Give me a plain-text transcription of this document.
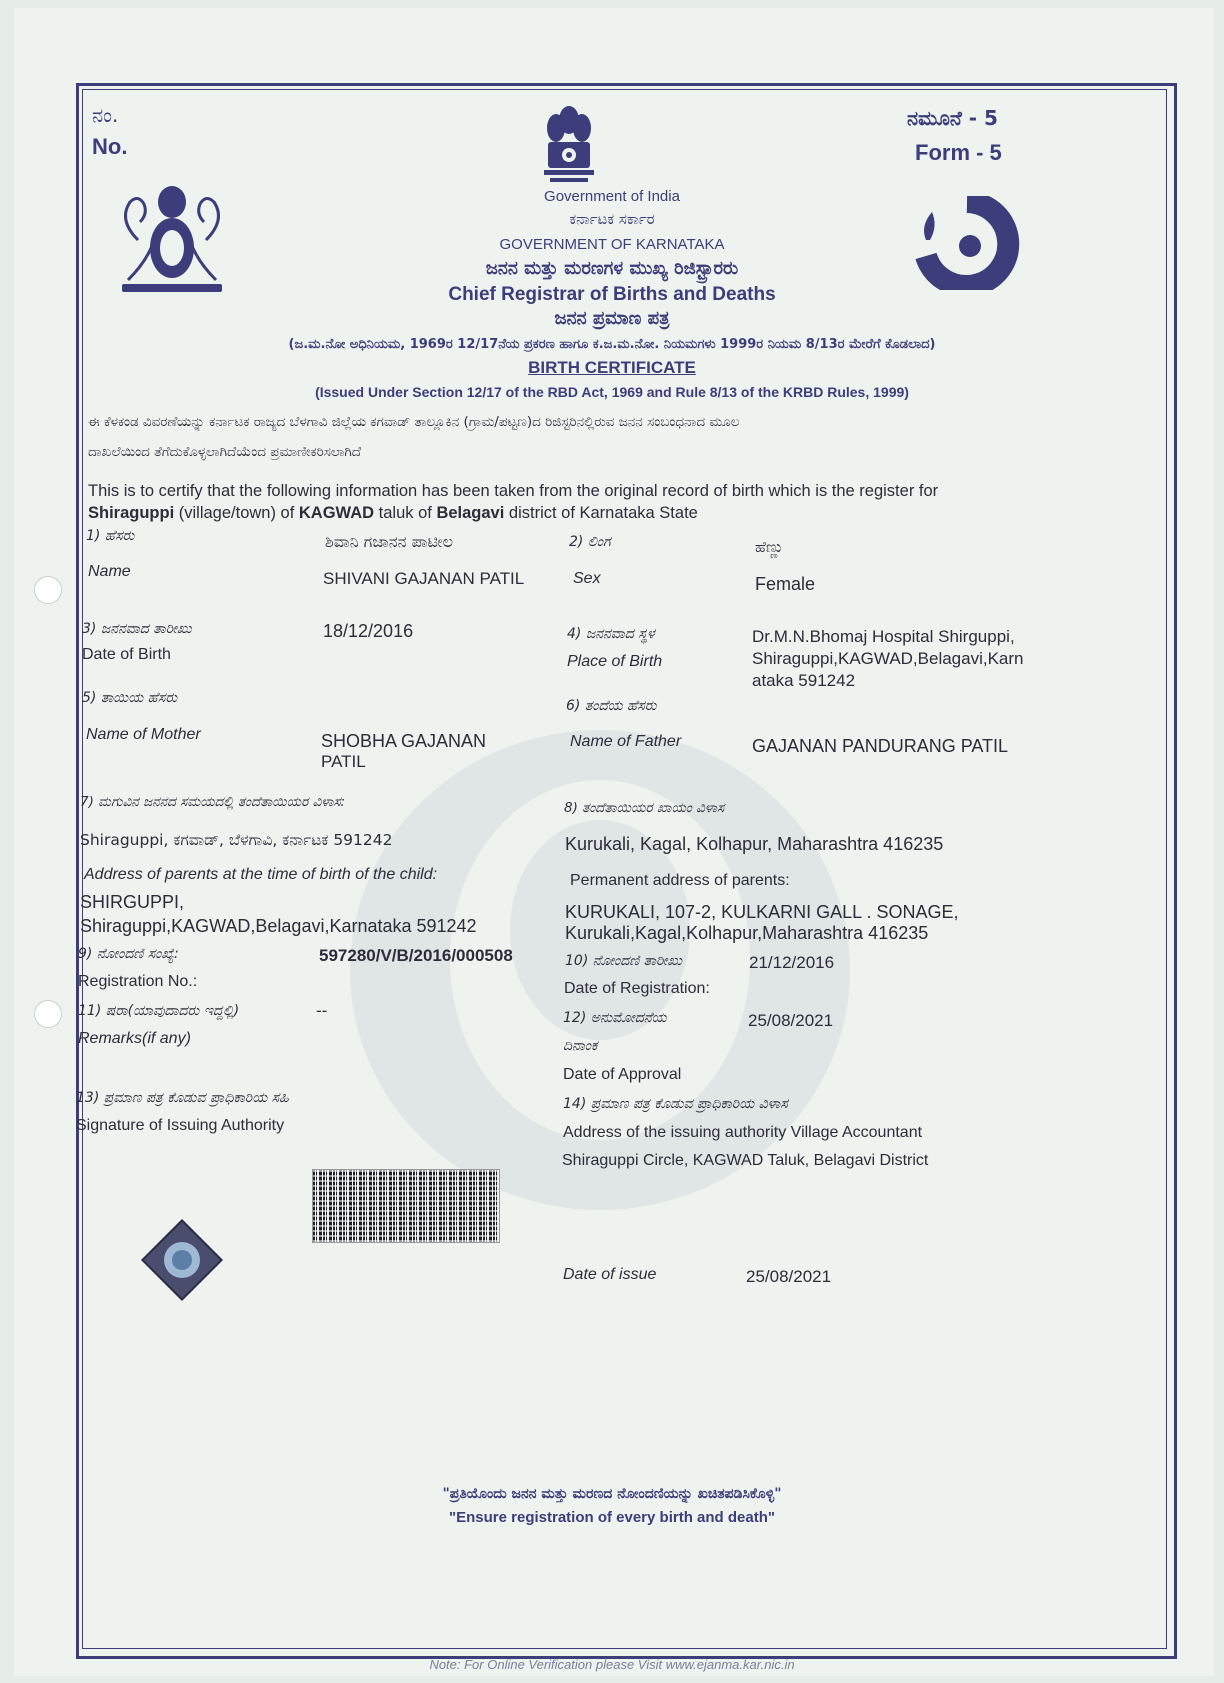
ನಂ.
No.
ನಮೂನೆ - 5
Form - 5
Government of India
ಕರ್ನಾಟಕ ಸರ್ಕಾರ
GOVERNMENT OF KARNATAKA
ಜನನ ಮತ್ತು ಮರಣಗಳ ಮುಖ್ಯ ರಿಜಿಸ್ಟ್ರಾರರು
Chief Registrar of Births and Deaths
ಜನನ ಪ್ರಮಾಣ ಪತ್ರ
(ಜ.ಮ.ನೋ ಅಧಿನಿಯಮ, 1969ರ 12/17ನೆಯ ಪ್ರಕರಣ ಹಾಗೂ ಕ.ಜ.ಮ.ನೋ. ನಿಯಮಗಳು 1999ರ ನಿಯಮ 8/13ರ ಮೇರೆಗೆ ಕೊಡಲಾದ)
BIRTH CERTIFICATE
(Issued Under Section 12/17 of the RBD Act, 1969 and Rule 8/13 of the KRBD Rules, 1999)
ಈ ಕೆಳಕಂಡ ವಿವರಣೆಯನ್ನು ಕರ್ನಾಟಕ ರಾಜ್ಯದ ಬೆಳಗಾವಿ ಜಿಲ್ಲೆಯ ಕಗವಾಡ್ ತಾಲ್ಲೂಕಿನ (ಗ್ರಾಮ/ಪಟ್ಟಣ)ದ ರಿಜಿಸ್ಟರಿನಲ್ಲಿರುವ ಜನನ ಸಂಬಂಧನಾದ ಮೂಲ
ದಾಖಲೆಯಿಂದ ತೆಗೆದುಕೊಳ್ಳಲಾಗಿದೆಯೆಂದ ಪ್ರಮಾಣೀಕರಿಸಲಾಗಿದೆ
This is to certify that the following information has been taken from the original record of birth which is the register for
Shiraguppi (village/town) of KAGWAD taluk of Belagavi district of Karnataka State
1) ಹೆಸರು	ಶಿವಾನಿ ಗಜಾನನ ಪಾಟೀಲ
Name	SHIVANI GAJANAN PATIL
2) ಲಿಂಗ	ಹೆಣ್ಣು
Sex	Female
3) ಜನನವಾದ ತಾರೀಖು	18/12/2016
Date of Birth
4) ಜನನವಾದ ಸ್ಥಳ
Place of Birth
Dr.M.N.Bhomaj Hospital Shirguppi,
Shiraguppi,KAGWAD,Belagavi,Karn
ataka 591242
5) ತಾಯಿಯ ಹೆಸರು
Name of Mother	SHOBHA GAJANAN
PATIL
6) ತಂದೆಯ ಹೆಸರು
Name of Father	GAJANAN PANDURANG PATIL
7) ಮಗುವಿನ ಜನನದ ಸಮಯದಲ್ಲಿ ತಂದೆತಾಯಿಯರ ವಿಳಾಸ:
Shiraguppi, ಕಗವಾಡ್, ಬೆಳಗಾವಿ, ಕರ್ನಾಟಕ 591242
Address of parents at the time of birth of the child:
SHIRGUPPI,
Shiraguppi,KAGWAD,Belagavi,Karnataka 591242
8) ತಂದೆತಾಯಿಯರ ಖಾಯಂ ವಿಳಾಸ
Kurukali, Kagal, Kolhapur, Maharashtra 416235
Permanent address of parents:
KURUKALI, 107-2, KULKARNI GALL . SONAGE,
Kurukali,Kagal,Kolhapur,Maharashtra 416235
9) ನೋಂದಣಿ ಸಂಖ್ಯೆ:	597280/V/B/2016/000508
Registration No.:
10) ನೋಂದಣಿ ತಾರೀಖು	21/12/2016
Date of Registration:
11) ಷರಾ(ಯಾವುದಾದರು ಇದ್ದಲ್ಲಿ)	--
Remarks(if any)
12) ಅನುಮೋದನೆಯ	25/08/2021
ದಿನಾಂಕ
Date of Approval
13) ಪ್ರಮಾಣ ಪತ್ರ ಕೊಡುವ ಪ್ರಾಧಿಕಾರಿಯ ಸಹಿ
Signature of Issuing Authority
14) ಪ್ರಮಾಣ ಪತ್ರ ಕೊಡುವ ಪ್ರಾಧಿಕಾರಿಯ ವಿಳಾಸ
Address of the issuing authority Village Accountant
Shiraguppi Circle, KAGWAD Taluk, Belagavi District
Date of issue	25/08/2021
"ಪ್ರತಿಯೊಂದು ಜನನ ಮತ್ತು ಮರಣದ ನೋಂದಣಿಯನ್ನು ಖಚಿತಪಡಿಸಿಕೊಳ್ಳಿ"
"Ensure registration of every birth and death"
Note: For Online Verification please Visit www.ejanma.kar.nic.in
